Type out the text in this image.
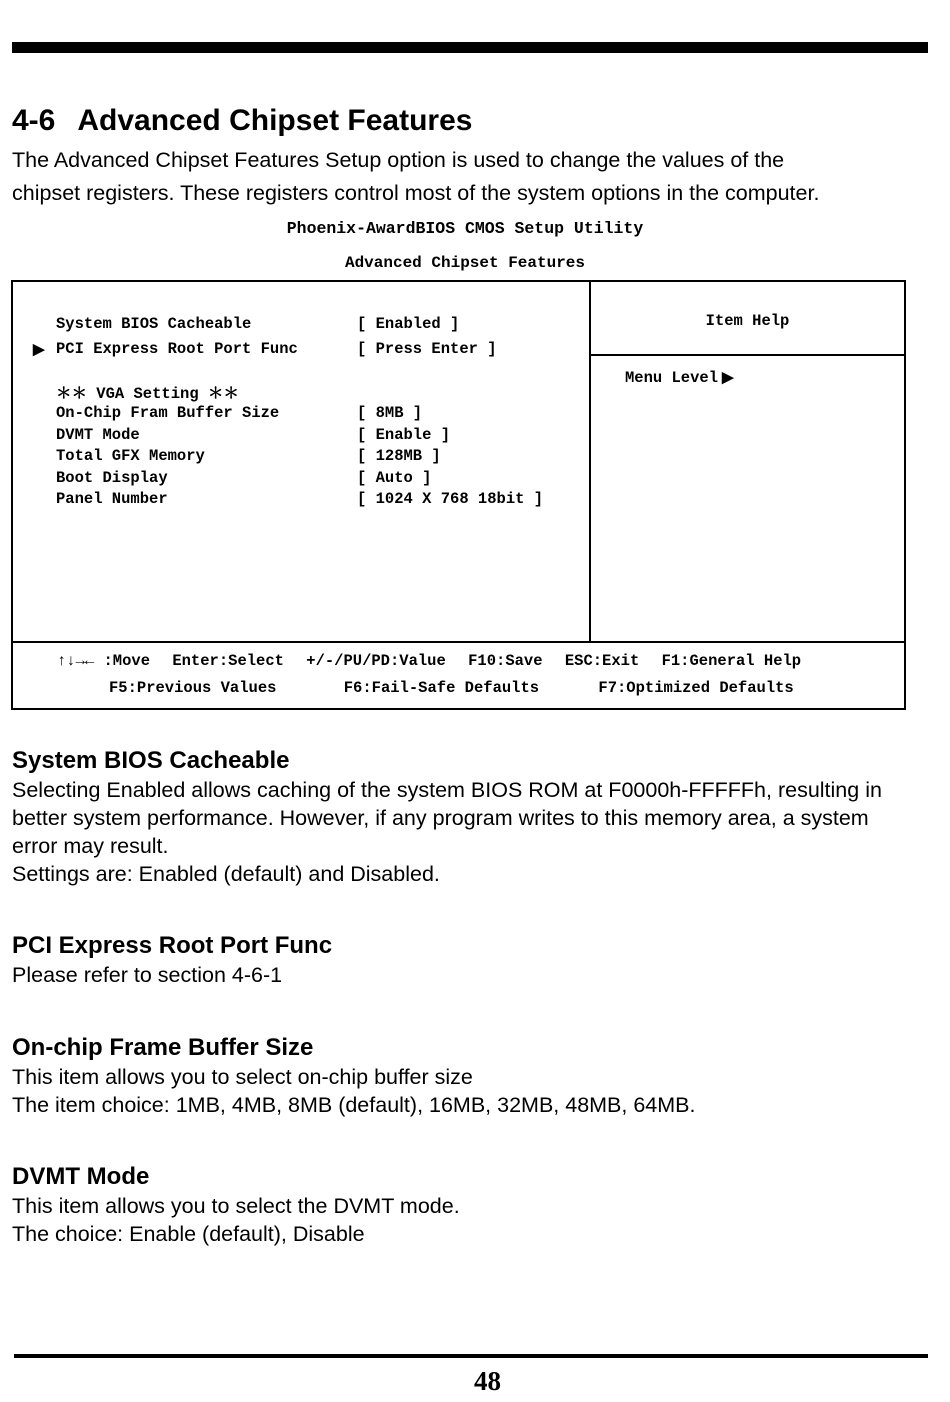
4-6 Advanced Chipset Features
The Advanced Chipset Features Setup option is used to change the values of the
chipset registers. These registers control most of the system options in the computer.
Phoenix-AwardBIOS CMOS Setup Utility
Advanced Chipset Features
System BIOS Cacheable	[ Enabled ]
▶ PCI Express Root Port Func	[ Press Enter ]
＊＊ VGA Setting ＊＊
On-Chip Fram Buffer Size	[ 8MB ]
DVMT Mode	[ Enable ]
Total GFX Memory	[ 128MB ]
Boot Display	[ Auto ]
Panel Number	[ 1024 X 768 18bit ]
Item Help
Menu Level ▶
↑↓→← :Move Enter:Select +/-/PU/PD:Value F10:Save ESC:Exit F1:General Help
F5:Previous Values	F6:Fail-Safe Defaults	F7:Optimized Defaults
System BIOS Cacheable

Selecting Enabled allows caching of the system BIOS ROM at F0000h-FFFFFh, resulting in

better system performance. However, if any program writes to this memory area, a system

error may result.

Settings are: Enabled (default) and Disabled.

PCI Express Root Port Func

Please refer to section 4-6-1

On-chip Frame Buffer Size

This item allows you to select on-chip buffer size

The item choice: 1MB, 4MB, 8MB (default), 16MB, 32MB, 48MB, 64MB.

DVMT Mode

This item allows you to select the DVMT mode.

The choice: Enable (default), Disable

48
